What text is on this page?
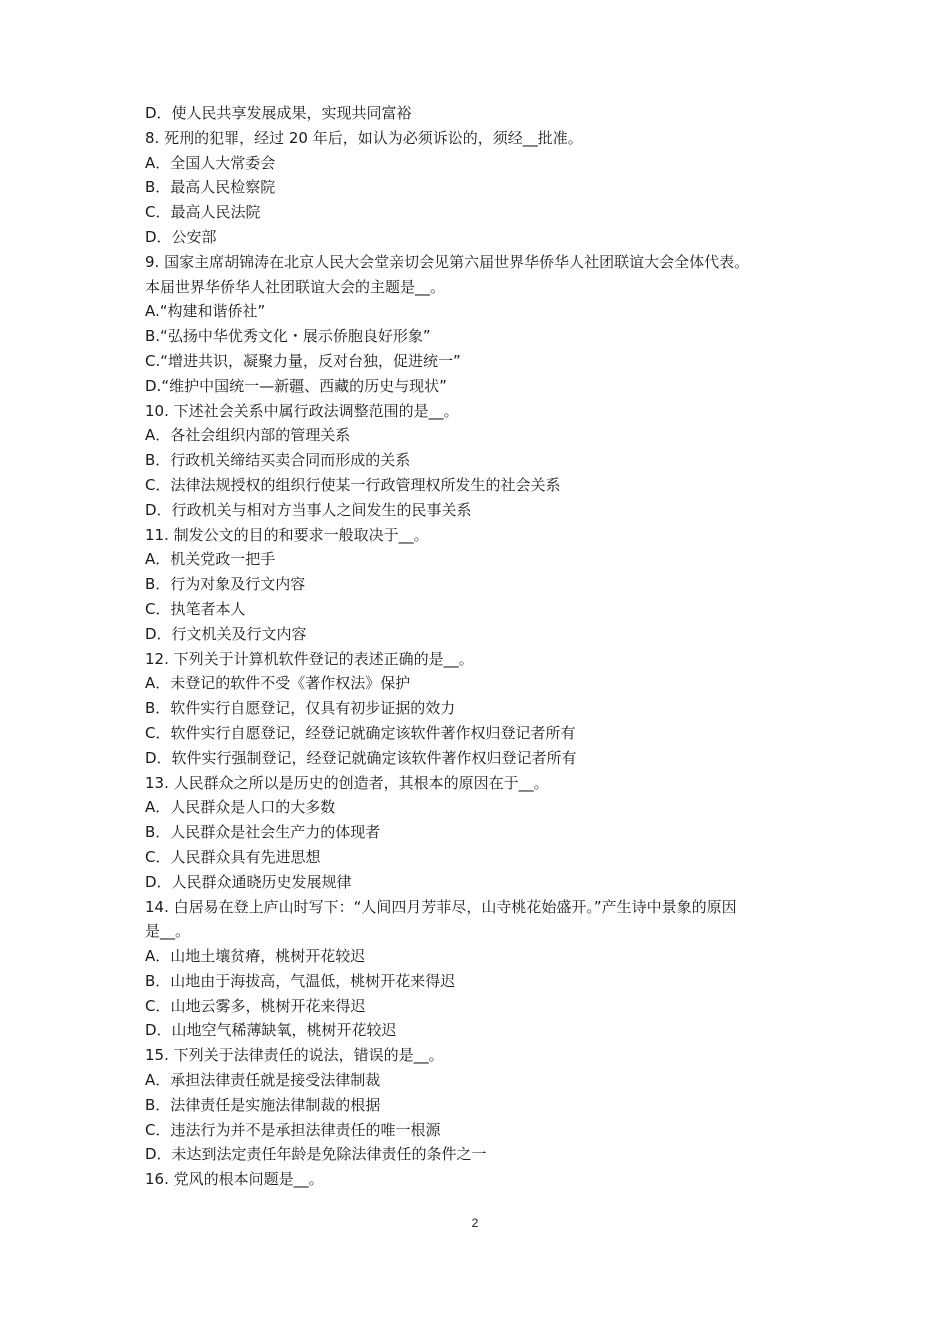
D．使人民共享发展成果，实现共同富裕
8. 死刑的犯罪，经过 20 年后，如认为必须诉讼的，须经__批准。
A．全国人大常委会
B．最高人民检察院
C．最高人民法院
D．公安部
9. 国家主席胡锦涛在北京人民大会堂亲切会见第六届世界华侨华人社团联谊大会全体代表。
本届世界华侨华人社团联谊大会的主题是__。
A.“构建和谐侨社”
B.“弘扬中华优秀文化・展示侨胞良好形象”
C.“增进共识，凝聚力量，反对台独，促进统一”
D.“维护中国统一—新疆、西藏的历史与现状”
10. 下述社会关系中属行政法调整范围的是__。
A．各社会组织内部的管理关系
B．行政机关缔结买卖合同而形成的关系
C．法律法规授权的组织行使某一行政管理权所发生的社会关系
D．行政机关与相对方当事人之间发生的民事关系
11. 制发公文的目的和要求一般取决于__。
A．机关党政一把手
B．行为对象及行文内容
C．执笔者本人
D．行文机关及行文内容
12. 下列关于计算机软件登记的表述正确的是__。
A．未登记的软件不受《著作权法》保护
B．软件实行自愿登记，仅具有初步证据的效力
C．软件实行自愿登记，经登记就确定该软件著作权归登记者所有
D．软件实行强制登记，经登记就确定该软件著作权归登记者所有
13. 人民群众之所以是历史的创造者，其根本的原因在于__。
A．人民群众是人口的大多数
B．人民群众是社会生产力的体现者
C．人民群众具有先进思想
D．人民群众通晓历史发展规律
14. 白居易在登上庐山时写下：“人间四月芳菲尽，山寺桃花始盛开。”产生诗中景象的原因
是__。
A．山地土壤贫瘠，桃树开花较迟
B．山地由于海拔高，气温低，桃树开花来得迟
C．山地云雾多，桃树开花来得迟
D．山地空气稀薄缺氧，桃树开花较迟
15. 下列关于法律责任的说法，错误的是__。
A．承担法律责任就是接受法律制裁
B．法律责任是实施法律制裁的根据
C．违法行为并不是承担法律责任的唯一根源
D．未达到法定责任年龄是免除法律责任的条件之一
16. 党风的根本问题是__。
2
